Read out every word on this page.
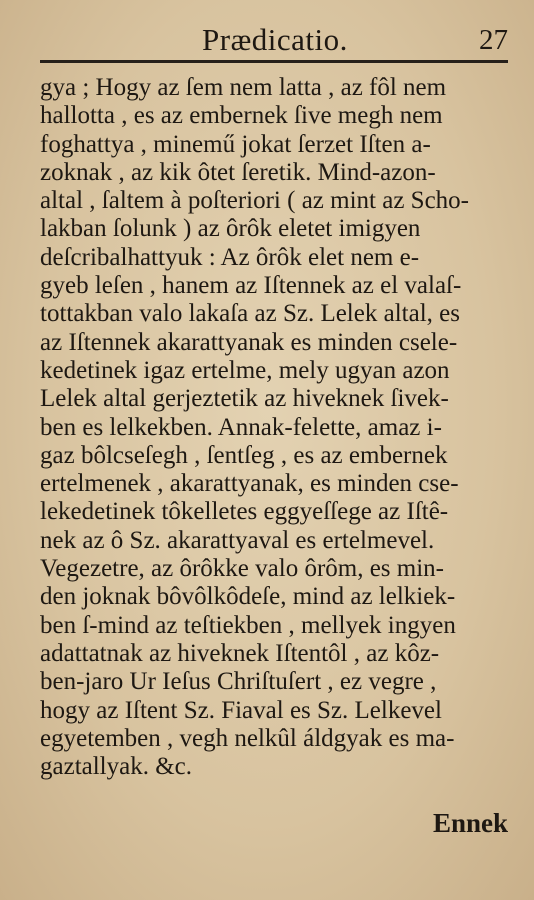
Prædicatio.	27
gya ; Hogy az ſem nem latta , az fôl nem
hallotta , es az embernek ſive megh nem
foghattya , minemű jokat ſerzet Iſten a-
zoknak , az kik ôtet ſeretik. Mind-azon-
altal , ſaltem à poſteriori ( az mint az Scho-
lakban ſolunk ) az ôrôk eletet imigyen
deſcribalhattyuk : Az ôrôk elet nem e-
gyeb leſen , hanem az Iſtennek az el valaſ-
tottakban valo lakaſa az Sz. Lelek altal, es
az Iſtennek akarattyanak es minden csele-
kedetinek igaz ertelme, mely ugyan azon
Lelek altal gerjeztetik az hiveknek ſivek-
ben es lelkekben. Annak-felette, amaz i-
gaz bôlcseſegh , ſentſeg , es az embernek
ertelmenek , akarattyanak, es minden cse-
lekedetinek tôkelletes eggyeſſege az Iſtê-
nek az ô Sz. akarattyaval es ertelmevel.
Vegezetre, az ôrôkke valo ôrôm, es min-
den joknak bôvôlkôdeſe, mind az lelkiek-
ben ſ-mind az teſtiekben , mellyek ingyen
adattatnak az hiveknek Iſtentôl , az kôz-
ben-jaro Ur Ieſus Chriſtuſert , ez vegre ,
hogy az Iſtent Sz. Fiaval es Sz. Lelkevel
egyetemben , vegh nelkûl áldgyak es ma-
gaztallyak. &c.
Ennek
